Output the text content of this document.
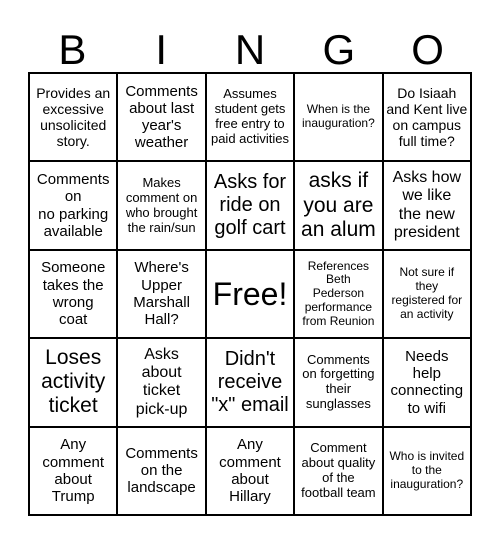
B	I	N	G	O
Provides an
excessive
unsolicited
story.
Comments
about last
year's
weather
Assumes
student gets
free entry to
paid activities
When is the
inauguration?
Do Isiaah
and Kent live
on campus
full time?
Comments
on
no parking
available
Makes
comment on
who brought
the rain/sun
Asks for
ride on
golf cart
asks if
you are
an alum
Asks how
we like
the new
president
Someone
takes the
wrong
coat
Where's
Upper
Marshall
Hall?
Free!
References
Beth
Pederson
performance
from Reunion
Not sure if
they
registered for
an activity
Loses
activity
ticket
Asks
about
ticket
pick-up
Didn't
receive
"x" email
Comments
on forgetting
their
sunglasses
Needs
help
connecting
to wifi
Any
comment
about
Trump
Comments
on the
landscape
Any
comment
about
Hillary
Comment
about quality
of the
football team
Who is invited
to the
inauguration?
